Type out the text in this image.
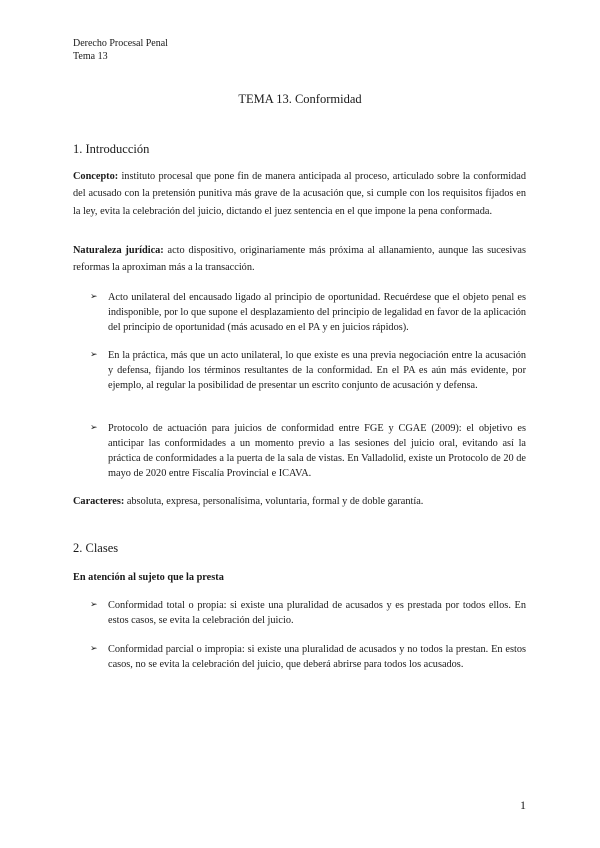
Derecho Procesal Penal
Tema 13
TEMA 13. Conformidad
1. Introducción
Concepto: instituto procesal que pone fin de manera anticipada al proceso, articulado sobre la conformidad del acusado con la pretensión punitiva más grave de la acusación que, si cumple con los requisitos fijados en la ley, evita la celebración del juicio, dictando el juez sentencia en el que impone la pena conformada.
Naturaleza jurídica: acto dispositivo, originariamente más próxima al allanamiento, aunque las sucesivas reformas la aproximan más a la transacción.
➢ Acto unilateral del encausado ligado al principio de oportunidad. Recuérdese que el objeto penal es indisponible, por lo que supone el desplazamiento del principio de legalidad en favor de la aplicación del principio de oportunidad (más acusado en el PA y en juicios rápidos).
➢ En la práctica, más que un acto unilateral, lo que existe es una previa negociación entre la acusación y defensa, fijando los términos resultantes de la conformidad. En el PA es aún más evidente, por ejemplo, al regular la posibilidad de presentar un escrito conjunto de acusación y defensa.
➢ Protocolo de actuación para juicios de conformidad entre FGE y CGAE (2009): el objetivo es anticipar las conformidades a un momento previo a las sesiones del juicio oral, evitando así la práctica de conformidades a la puerta de la sala de vistas. En Valladolid, existe un Protocolo de 20 de mayo de 2020 entre Fiscalía Provincial e ICAVA.
Caracteres: absoluta, expresa, personalísima, voluntaria, formal y de doble garantía.
2. Clases
En atención al sujeto que la presta
➢ Conformidad total o propia: si existe una pluralidad de acusados y es prestada por todos ellos. En estos casos, se evita la celebración del juicio.
➢ Conformidad parcial o impropia: si existe una pluralidad de acusados y no todos la prestan. En estos casos, no se evita la celebración del juicio, que deberá abrirse para todos los acusados.
1
